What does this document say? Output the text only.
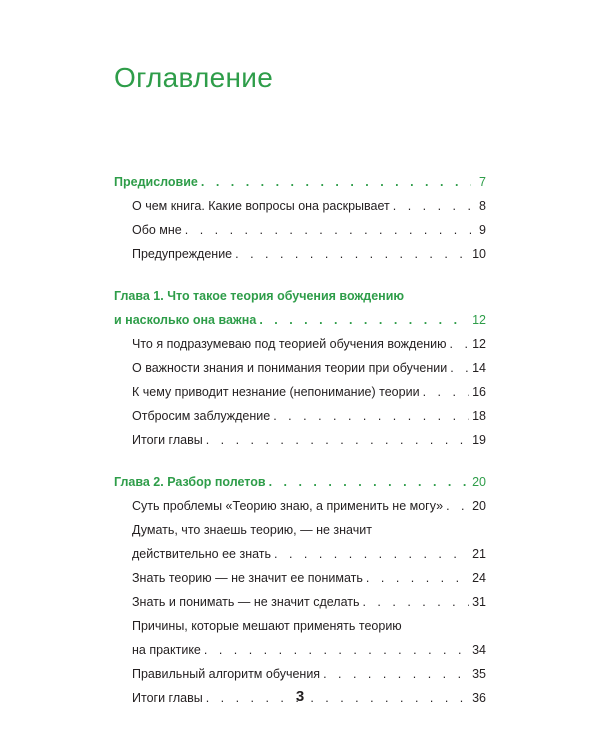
Оглавление
Предисловие . . .	7
О чем книга. Какие вопросы она раскрывает . . .	8
Обо мне . . .	9
Предупреждение . . .	10
Глава 1. Что такое теория обучения вождению
и насколько она важна . . .	12
Что я подразумеваю под теорией обучения вождению . . . 12
О важности знания и понимания теории при обучении . . . 14
К чему приводит незнание (непонимание) теории . . .	16
Отбросим заблуждение . . .	18
Итоги главы . . .	19
Глава 2. Разбор полетов . . .	20
Суть проблемы «Теорию знаю, а применить не могу» . . . 20
Думать, что знаешь теорию, — не значит
действительно ее знать . . .	21
Знать теорию — не значит ее понимать . . .	24
Знать и понимать — не значит сделать . . .	31
Причины, которые мешают применять теорию
на практике . . .	34
Правильный алгоритм обучения . . .	35
Итоги главы . . .	36
3
